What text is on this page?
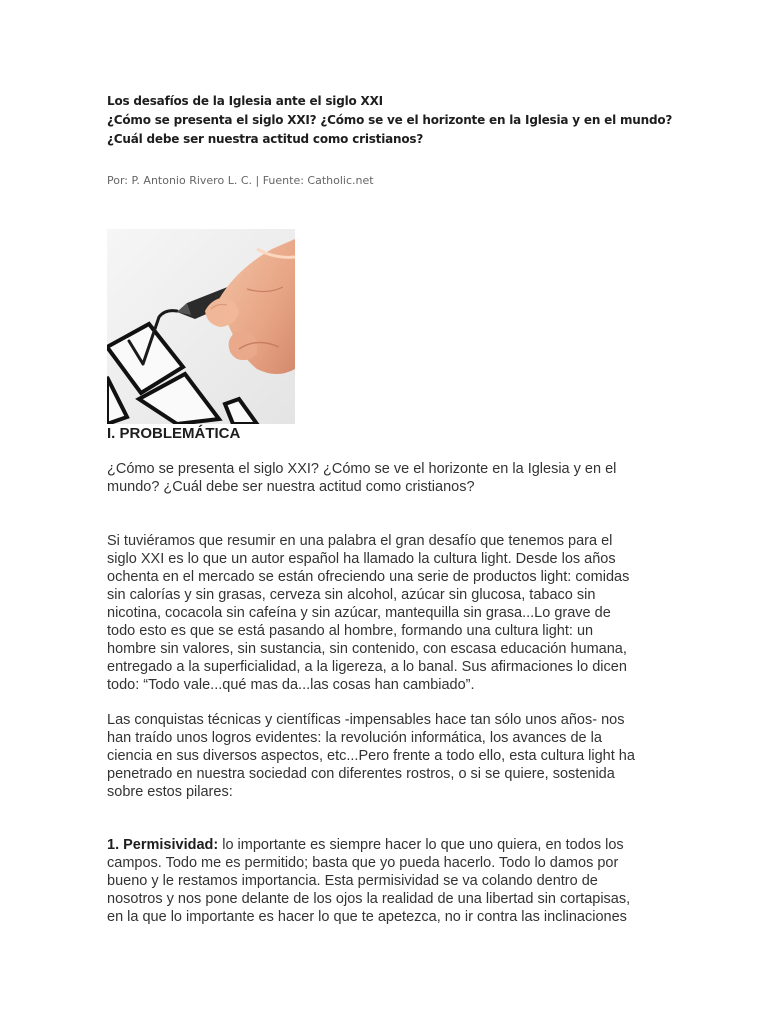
Los desafíos de la Iglesia ante el siglo XXI
¿Cómo se presenta el siglo XXI? ¿Cómo se ve el horizonte en la Iglesia y en el mundo?
¿Cuál debe ser nuestra actitud como cristianos?
Por: P. Antonio Rivero L. C. | Fuente: Catholic.net
I. PROBLEMÁTICA
¿Cómo se presenta el siglo XXI? ¿Cómo se ve el horizonte en la Iglesia y en el
mundo? ¿Cuál debe ser nuestra actitud como cristianos?
Si tuviéramos que resumir en una palabra el gran desafío que tenemos para el
siglo XXI es lo que un autor español ha llamado la cultura light. Desde los años
ochenta en el mercado se están ofreciendo una serie de productos light: comidas
sin calorías y sin grasas, cerveza sin alcohol, azúcar sin glucosa, tabaco sin
nicotina, cocacola sin cafeína y sin azúcar, mantequilla sin grasa...Lo grave de
todo esto es que se está pasando al hombre, formando una cultura light: un
hombre sin valores, sin sustancia, sin contenido, con escasa educación humana,
entregado a la superficialidad, a la ligereza, a lo banal. Sus afirmaciones lo dicen
todo: “Todo vale...qué mas da...las cosas han cambiado”.
Las conquistas técnicas y científicas -impensables hace tan sólo unos años- nos
han traído unos logros evidentes: la revolución informática, los avances de la
ciencia en sus diversos aspectos, etc...Pero frente a todo ello, esta cultura light ha
penetrado en nuestra sociedad con diferentes rostros, o si se quiere, sostenida
sobre estos pilares:
1. Permisividad: lo importante es siempre hacer lo que uno quiera, en todos los
campos. Todo me es permitido; basta que yo pueda hacerlo. Todo lo damos por
bueno y le restamos importancia. Esta permisividad se va colando dentro de
nosotros y nos pone delante de los ojos la realidad de una libertad sin cortapisas,
en la que lo importante es hacer lo que te apetezca, no ir contra las inclinaciones
